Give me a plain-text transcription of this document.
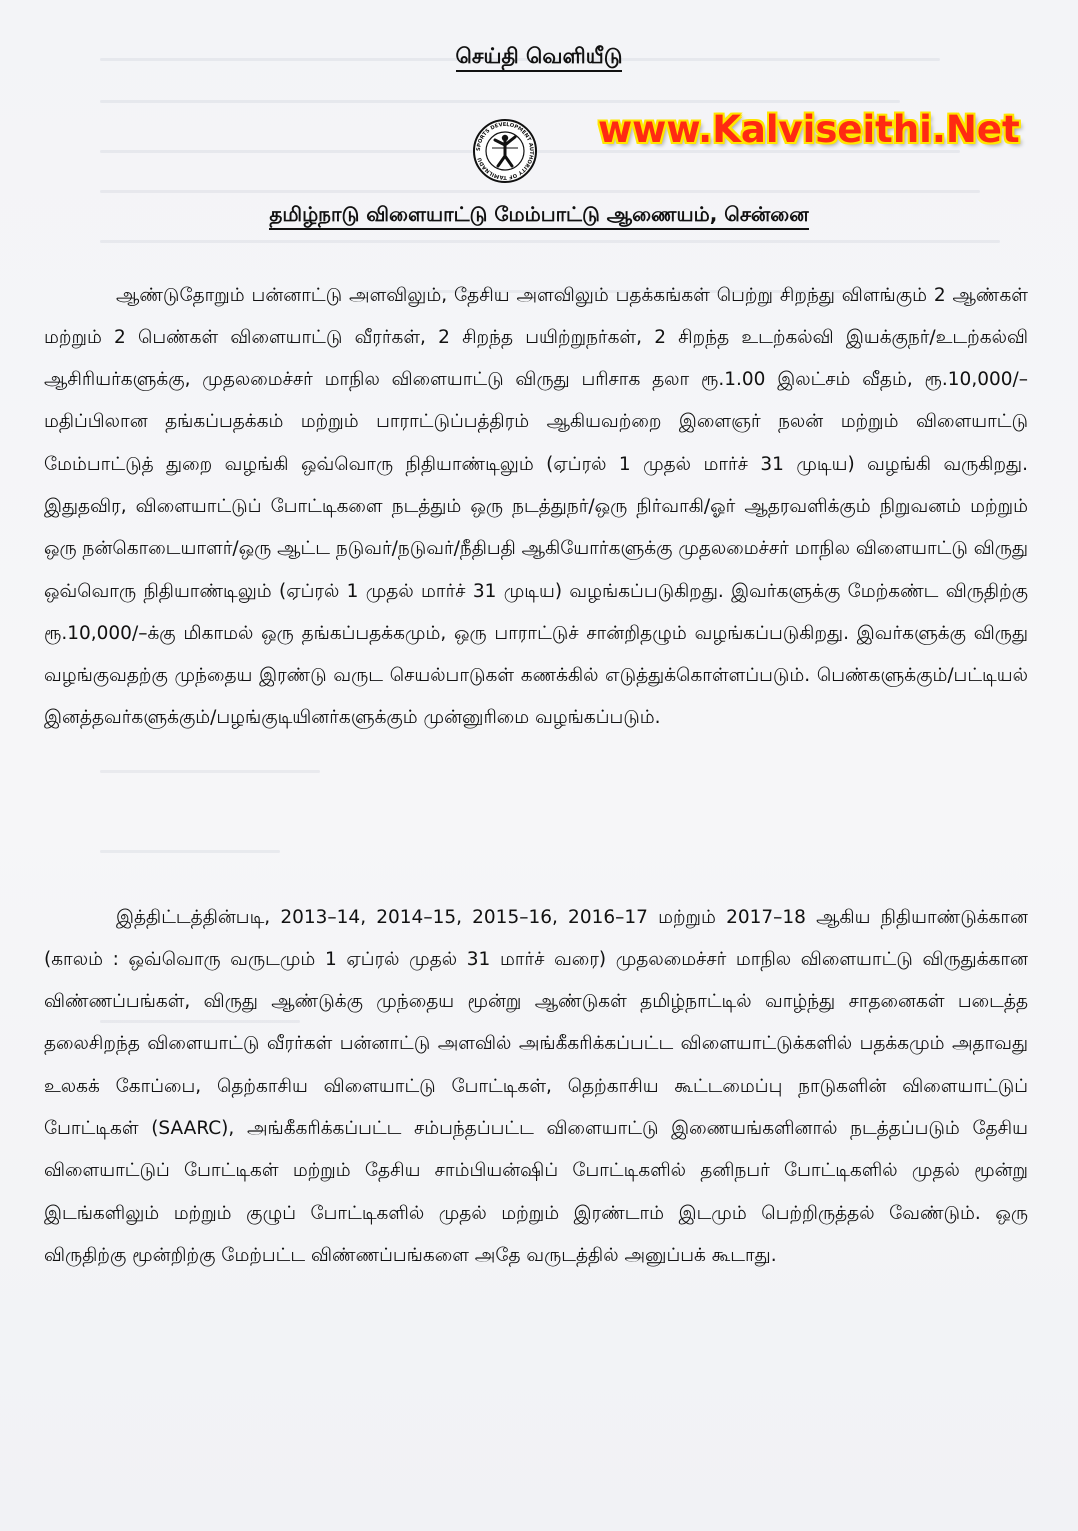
செய்தி வெளியீடு
SPORTS DEVELOPMENT AUTHORITY OF TAMILNADU
www.Kalviseithi.Net
தமிழ்நாடு விளையாட்டு மேம்பாட்டு ஆணையம், சென்னை

ஆண்டுதோறும் பன்னாட்டு அளவிலும், தேசிய அளவிலும் பதக்கங்கள் பெற்று சிறந்து விளங்கும் 2 ஆண்கள் மற்றும் 2 பெண்கள் விளையாட்டு வீரர்கள், 2 சிறந்த பயிற்றுநர்கள், 2 சிறந்த உடற்கல்வி இயக்குநர்/உடற்கல்வி ஆசிரியர்களுக்கு, முதலமைச்சர் மாநில விளையாட்டு விருது பரிசாக தலா ரூ.1.00 இலட்சம் வீதம், ரூ.10,000/– மதிப்பிலான தங்கப்பதக்கம் மற்றும் பாராட்டுப்பத்திரம் ஆகியவற்றை இளைஞர் நலன் மற்றும் விளையாட்டு மேம்பாட்டுத் துறை வழங்கி ஒவ்வொரு நிதியாண்டிலும் (ஏப்ரல் 1 முதல் மார்ச் 31 முடிய) வழங்கி வருகிறது. இதுதவிர, விளையாட்டுப் போட்டிகளை நடத்தும் ஒரு நடத்துநர்/ஒரு நிர்வாகி/ஓர் ஆதரவளிக்கும் நிறுவனம் மற்றும் ஒரு நன்கொடையாளர்/ஒரு ஆட்ட நடுவர்/நடுவர்/நீதிபதி ஆகியோர்களுக்கு முதலமைச்சர் மாநில விளையாட்டு விருது ஒவ்வொரு நிதியாண்டிலும் (ஏப்ரல் 1 முதல் மார்ச் 31 முடிய) வழங்கப்படுகிறது. இவர்களுக்கு மேற்கண்ட விருதிற்கு ரூ.10,000/–க்கு மிகாமல் ஒரு தங்கப்பதக்கமும், ஒரு பாராட்டுச் சான்றிதழும் வழங்கப்படுகிறது. இவர்களுக்கு விருது வழங்குவதற்கு முந்தைய இரண்டு வருட செயல்பாடுகள் கணக்கில் எடுத்துக்கொள்ளப்படும். பெண்களுக்கும்/பட்டியல் இனத்தவர்களுக்கும்/பழங்குடியினர்களுக்கும் முன்னுரிமை வழங்கப்படும்.

இத்திட்டத்தின்படி, 2013–14, 2014–15, 2015–16, 2016–17 மற்றும் 2017–18 ஆகிய நிதியாண்டுக்கான (காலம் : ஒவ்வொரு வருடமும் 1 ஏப்ரல் முதல் 31 மார்ச் வரை) முதலமைச்சர் மாநில விளையாட்டு விருதுக்கான விண்ணப்பங்கள், விருது ஆண்டுக்கு முந்தைய மூன்று ஆண்டுகள் தமிழ்நாட்டில் வாழ்ந்து சாதனைகள் படைத்த தலைசிறந்த விளையாட்டு வீரர்கள் பன்னாட்டு அளவில் அங்கீகரிக்கப்பட்ட விளையாட்டுக்களில் பதக்கமும் அதாவது உலகக் கோப்பை, தெற்காசிய விளையாட்டு போட்டிகள், தெற்காசிய கூட்டமைப்பு நாடுகளின் விளையாட்டுப் போட்டிகள் (SAARC), அங்கீகரிக்கப்பட்ட சம்பந்தப்பட்ட விளையாட்டு இணையங்களினால் நடத்தப்படும் தேசிய விளையாட்டுப் போட்டிகள் மற்றும் தேசிய சாம்பியன்ஷிப் போட்டிகளில் தனிநபர் போட்டிகளில் முதல் மூன்று இடங்களிலும் மற்றும் குழுப் போட்டிகளில் முதல் மற்றும் இரண்டாம் இடமும் பெற்றிருத்தல் வேண்டும். ஒரு விருதிற்கு மூன்றிற்கு மேற்பட்ட விண்ணப்பங்களை அதே வருடத்தில் அனுப்பக் கூடாது.
